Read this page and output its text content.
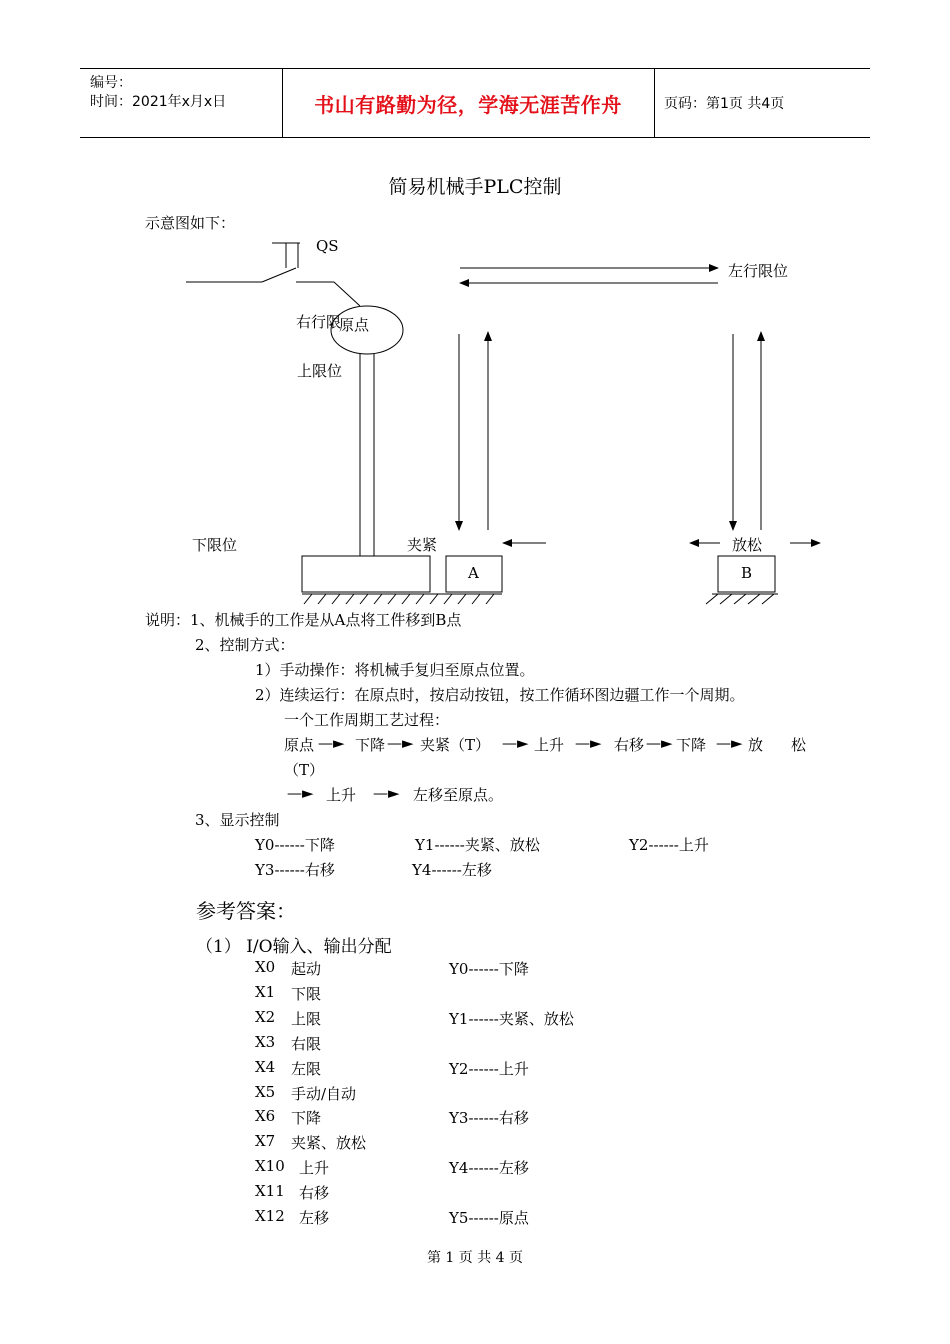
编号：
时间：2021年x月x日	书山有路勤为径，学海无涯苦作舟	页码：第1页 共4页
简易机械手PLC控制
示意图如下：
QS
左行限位
右行限
原点
上限位
下限位	夹紧	放松
A	B
说明：1、机械手的工作是从A点将工件移到B点
2、控制方式：
1）手动操作：将机械手复归至原点位置。
2）连续运行：在原点时，按启动按钮，按工作循环图边疆工作一个周期。
一个工作周期工艺过程：
原点 —► 下降 —► 夹紧（T） —► 上升 —► 右移 —► 下降 —► 放 松
（T）
—► 上升 —► 左移至原点。
3、显示控制
Y0------下降	Y1------夹紧、放松	Y2------上升
Y3------右移	Y4------左移
参考答案：
（1） I/O输入、输出分配
X0 起动	Y0------下降
X1 下限
X2 上限	Y1------夹紧、放松
X3 右限
X4 左限	Y2------上升
X5 手动/自动
X6 下降	Y3------右移
X7 夹紧、放松
X10 上升	Y4------左移
X11 右移
X12 左移	Y5------原点
第 1 页 共 4 页
